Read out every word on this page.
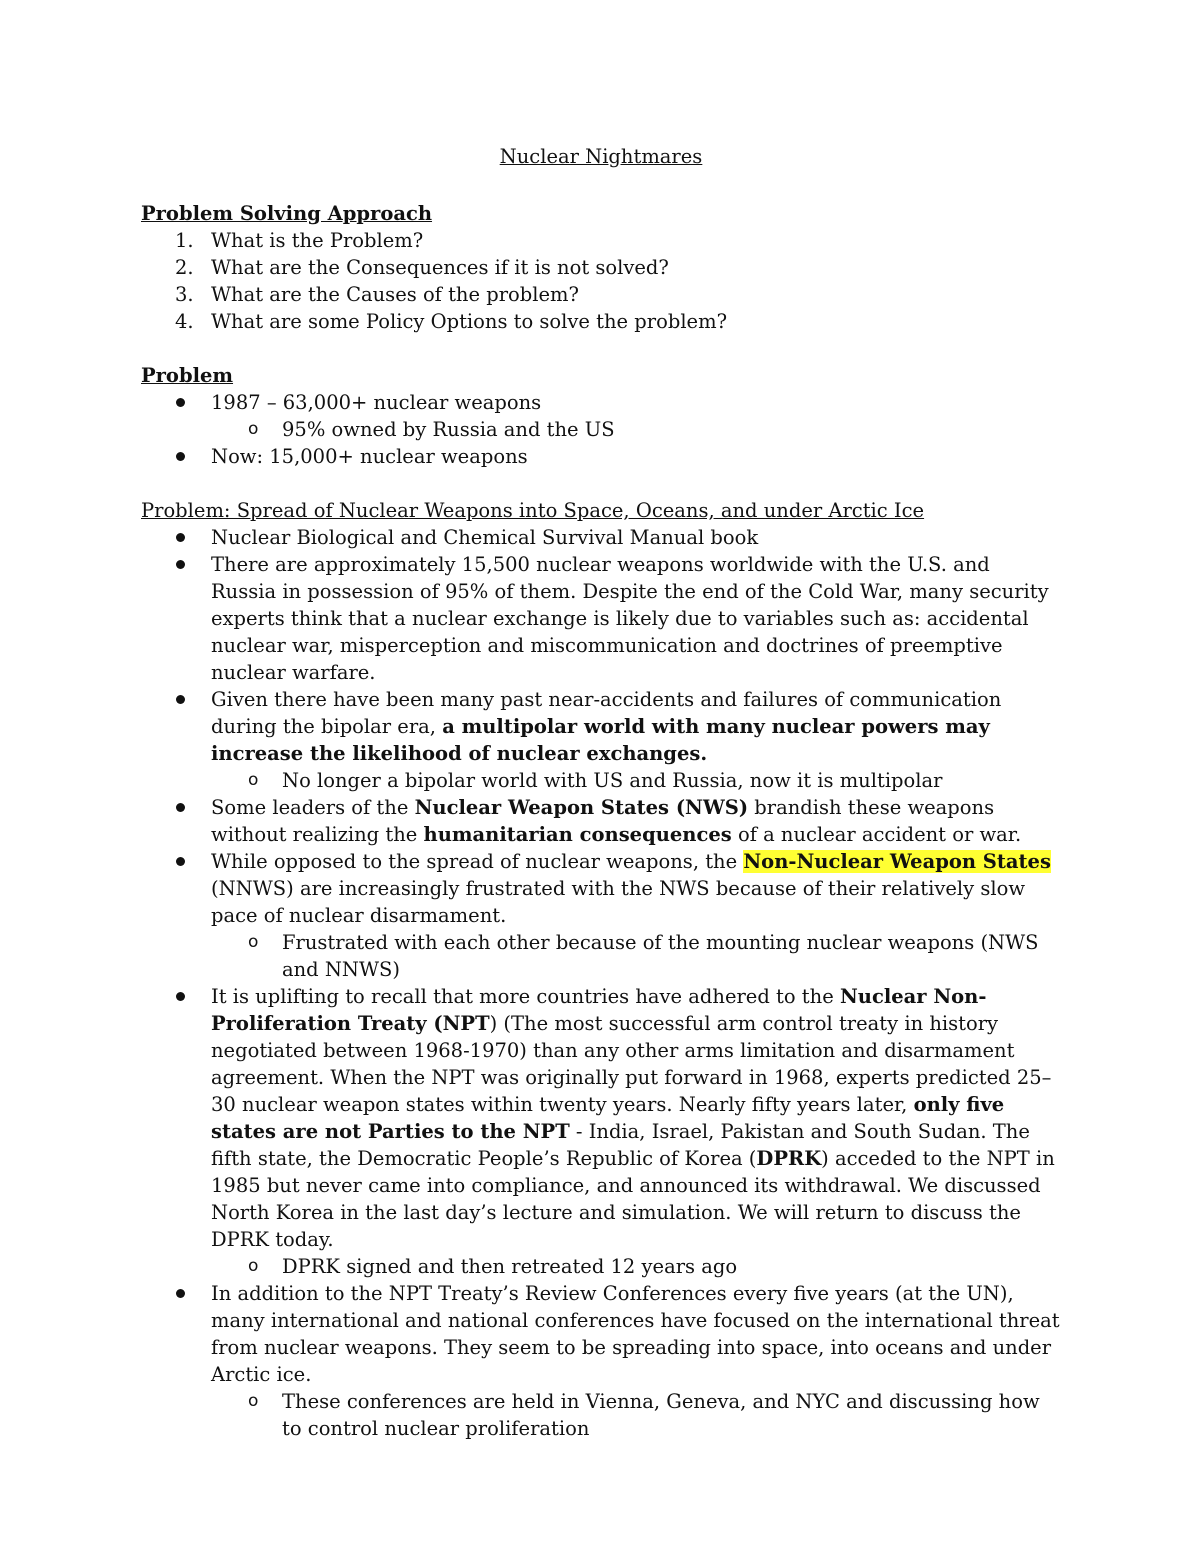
Nuclear Nightmares
Problem Solving Approach
1. What is the Problem?
2. What are the Consequences if it is not solved?
3. What are the Causes of the problem?
4. What are some Policy Options to solve the problem?
Problem
1987 – 63,000+ nuclear weapons
o 95% owned by Russia and the US
Now: 15,000+ nuclear weapons
Problem: Spread of Nuclear Weapons into Space, Oceans, and under Arctic Ice
Nuclear Biological and Chemical Survival Manual book
There are approximately 15,500 nuclear weapons worldwide with the U.S. and Russia in possession of 95% of them. Despite the end of the Cold War, many security experts think that a nuclear exchange is likely due to variables such as: accidental nuclear war, misperception and miscommunication and doctrines of preemptive nuclear warfare.
Given there have been many past near-accidents and failures of communication during the bipolar era, a multipolar world with many nuclear powers may increase the likelihood of nuclear exchanges.
o No longer a bipolar world with US and Russia, now it is multipolar
Some leaders of the Nuclear Weapon States (NWS) brandish these weapons without realizing the humanitarian consequences of a nuclear accident or war.
While opposed to the spread of nuclear weapons, the Non-Nuclear Weapon States (NNWS) are increasingly frustrated with the NWS because of their relatively slow pace of nuclear disarmament.
o Frustrated with each other because of the mounting nuclear weapons (NWS and NNWS)
It is uplifting to recall that more countries have adhered to the Nuclear Non-Proliferation Treaty (NPT) (The most successful arm control treaty in history negotiated between 1968-1970) than any other arms limitation and disarmament agreement. When the NPT was originally put forward in 1968, experts predicted 25–30 nuclear weapon states within twenty years. Nearly fifty years later, only five states are not Parties to the NPT - India, Israel, Pakistan and South Sudan. The fifth state, the Democratic People’s Republic of Korea (DPRK) acceded to the NPT in 1985 but never came into compliance, and announced its withdrawal. We discussed North Korea in the last day’s lecture and simulation. We will return to discuss the DPRK today.
o DPRK signed and then retreated 12 years ago
In addition to the NPT Treaty’s Review Conferences every five years (at the UN), many international and national conferences have focused on the international threat from nuclear weapons. They seem to be spreading into space, into oceans and under Arctic ice.
o These conferences are held in Vienna, Geneva, and NYC and discussing how to control nuclear proliferation
